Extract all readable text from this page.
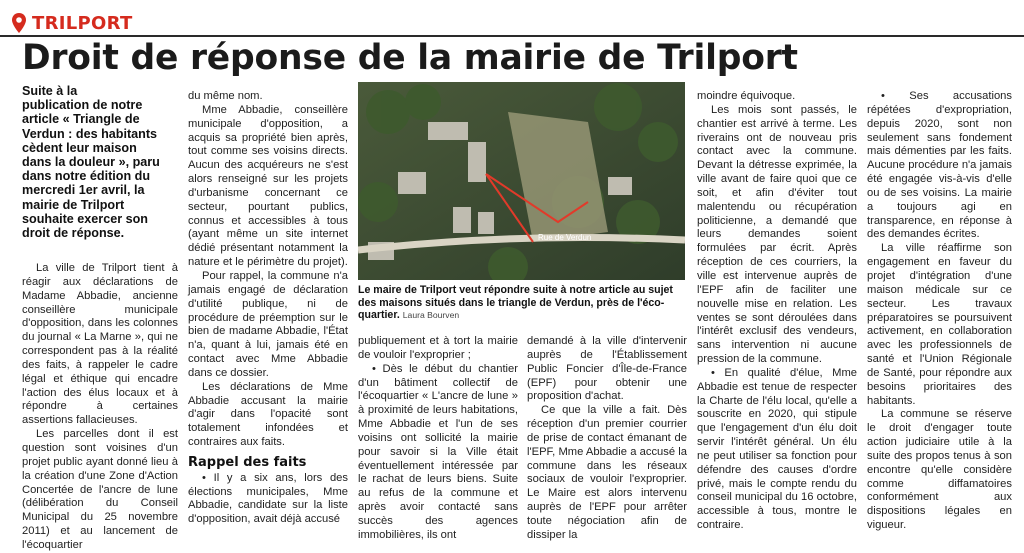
TRILPORT
Droit de réponse de la mairie de Trilport
Suite à la
publication de notre
article « Triangle de
Verdun : des habitants
cèdent leur maison
dans la douleur », paru
dans notre édition du
mercredi 1er avril, la
mairie de Trilport
souhaite exercer son
droit de réponse.

La ville de Trilport tient à réagir aux déclarations de Madame Abbadie, ancienne conseillère municipale d'opposition, dans les colonnes du journal « La Marne », qui ne correspondent pas à la réalité des faits, à rappeler le cadre légal et éthique qui encadre l'action des élus locaux et à répondre à certaines assertions fallacieuses.

Les parcelles dont il est question sont voisines d'un projet public ayant donné lieu à la création d'une Zone d'Action Concertée de l'ancre de lune (délibération du Conseil Municipal du 25 novembre 2011) et au lancement de l'écoquartier

du même nom.

Mme Abbadie, conseillère municipale d'opposition, a acquis sa propriété bien après, tout comme ses voisins directs. Aucun des acquéreurs ne s'est alors renseigné sur les projets d'urbanisme concernant ce secteur, pourtant publics, connus et accessibles à tous (ayant même un site internet dédié présentant notamment la nature et le périmètre du projet).

Pour rappel, la commune n'a jamais engagé de déclaration d'utilité publique, ni de procédure de préemption sur le bien de madame Abbadie, l'État n'a, quant à lui, jamais été en contact avec Mme Abbadie dans ce dossier.

Les déclarations de Mme Abbadie accusant la mairie d'agir dans l'opacité sont totalement infondées et contraires aux faits.

Rappel des faits

• Il y a six ans, lors des élections municipales, Mme Abbadie, candidate sur la liste d'opposition, avait déjà accusé

Rue de Verdun
Le maire de Trilport veut répondre suite à notre article au sujet des maisons situés dans le triangle de Verdun, près de l'éco-quartier. Laura Bourven

publiquement et à tort la mairie de vouloir l'exproprier ;

• Dès le début du chantier d'un bâtiment collectif de l'écoquartier « L'ancre de lune » à proximité de leurs habitations, Mme Abbadie et l'un de ses voisins ont sollicité la mairie pour savoir si la Ville était éventuellement intéressée par le rachat de leurs biens. Suite au refus de la commune et après avoir contacté sans succès des agences immobilières, ils ont

demandé à la ville d'intervenir auprès de l'Établissement Public Foncier d'Île-de-France (EPF) pour obtenir une proposition d'achat.

Ce que la ville a fait. Dès réception d'un premier courrier de prise de contact émanant de l'EPF, Mme Abbadie a accusé la commune dans les réseaux sociaux de vouloir l'exproprier. Le Maire est alors intervenu auprès de l'EPF pour arrêter toute négociation afin de dissiper la

moindre équivoque.

Les mois sont passés, le chantier est arrivé à terme. Les riverains ont de nouveau pris contact avec la commune. Devant la détresse exprimée, la ville avant de faire quoi que ce soit, et afin d'éviter tout malentendu ou récupération politicienne, a demandé que leurs demandes soient formulées par écrit. Après réception de ces courriers, la ville est intervenue auprès de l'EPF afin de faciliter une nouvelle mise en relation. Les ventes se sont déroulées dans l'intérêt exclusif des vendeurs, sans intervention ni aucune pression de la commune.

• En qualité d'élue, Mme Abbadie est tenue de respecter la Charte de l'élu local, qu'elle a souscrite en 2020, qui stipule que l'engagement d'un élu doit servir l'intérêt général. Un élu ne peut utiliser sa fonction pour défendre des causes d'ordre privé, mais le compte rendu du conseil municipal du 16 octobre, accessible à tous, montre le contraire.

• Ses accusations répétées d'expropriation, depuis 2020, sont non seulement sans fondement mais démenties par les faits. Aucune procédure n'a jamais été engagée vis-à-vis d'elle ou de ses voisins. La mairie a toujours agi en transparence, en réponse à des demandes écrites.

La ville réaffirme son engagement en faveur du projet d'intégration d'une maison médicale sur ce secteur. Les travaux préparatoires se poursuivent activement, en collaboration avec les professionnels de santé et l'Union Régionale de Santé, pour répondre aux besoins prioritaires des habitants.

La commune se réserve le droit d'engager toute action judiciaire utile à la suite des propos tenus à son encontre qu'elle considère comme diffamatoires conformément aux dispositions légales en vigueur.
